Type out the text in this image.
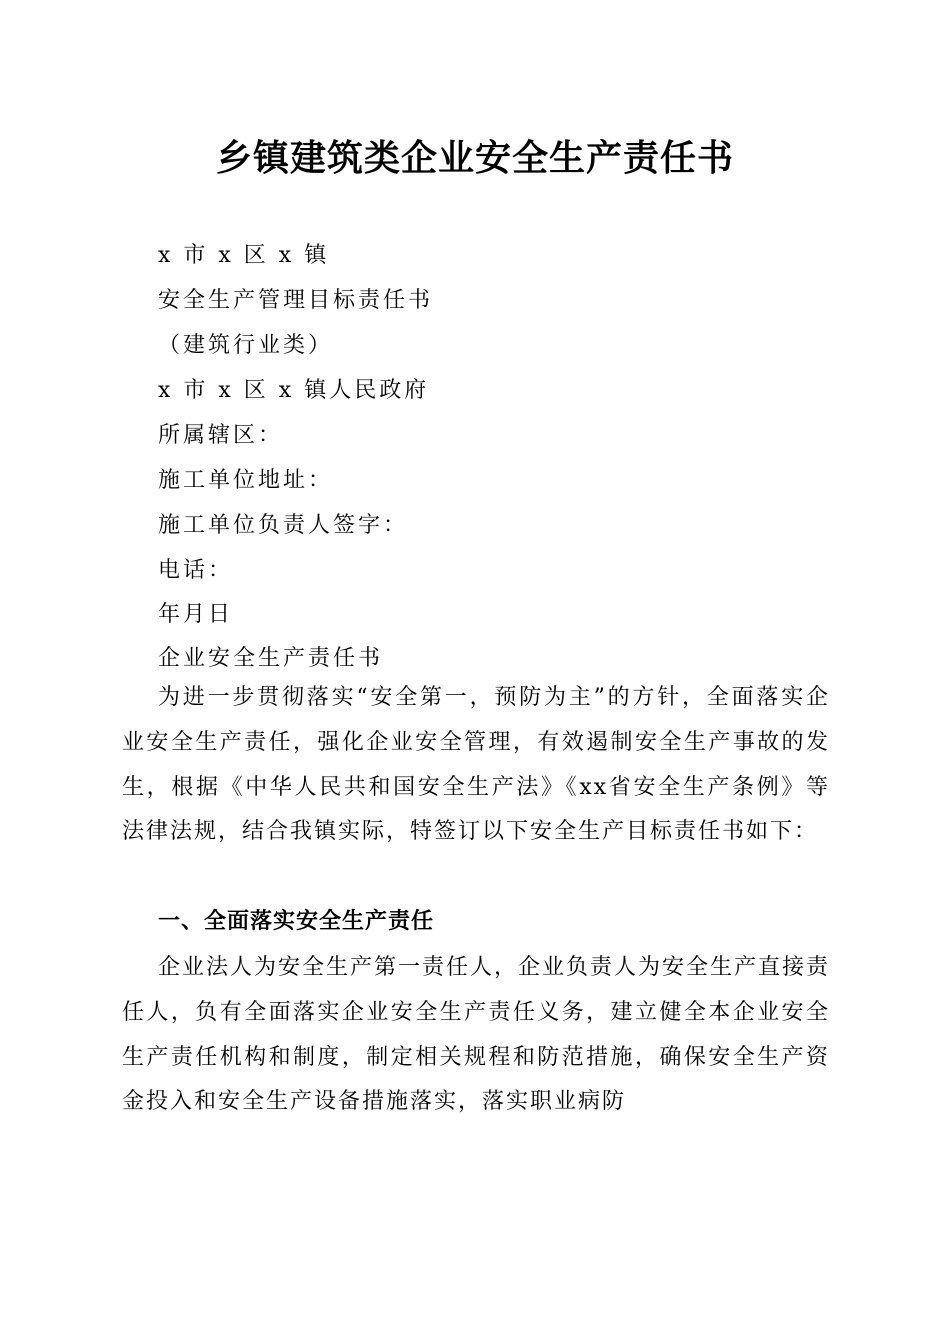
乡镇建筑类企业安全生产责任书

x 市 x 区 x 镇

安全生产管理目标责任书

（建筑行业类）

x 市 x 区 x 镇人民政府

所属辖区：

施工单位地址：

施工单位负责人签字：

电话：

年月日

企业安全生产责任书

为进一步贯彻落实“安全第一，预防为主”的方针，全面落实企业安全生产责任，强化企业安全管理，有效遏制安全生产事故的发生，根据《中华人民共和国安全生产法》《xx省安全生产条例》等法律法规，结合我镇实际，特签订以下安全生产目标责任书如下：

一、全面落实安全生产责任

企业法人为安全生产第一责任人，企业负责人为安全生产直接责任人，负有全面落实企业安全生产责任义务，建立健全本企业安全生产责任机构和制度，制定相关规程和防范措施，确保安全生产资金投入和安全生产设备措施落实，落实职业病防
